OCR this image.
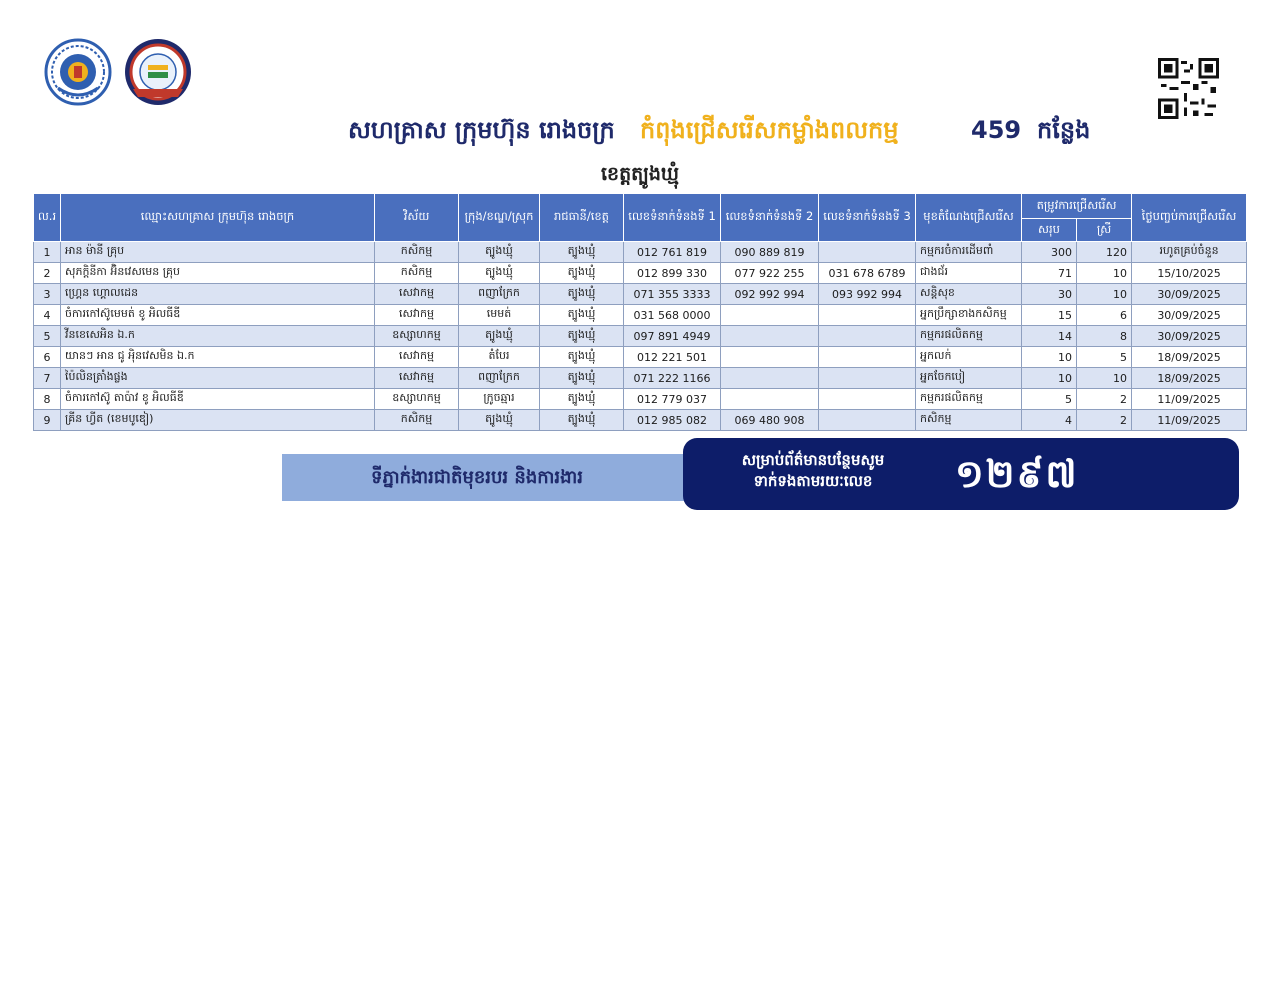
សហគ្រាស ក្រុមហ៊ុន រោងចក្រ កំពុងជ្រើសរើសកម្លាំងពលកម្ម	459 កន្លែង
ខេត្តត្បូងឃ្មុំ
ល.រ	ឈ្មោះសហគ្រាស ក្រុមហ៊ុន រោងចក្រ	វិស័យ	ក្រុង/ខណ្ឌ/ស្រុក	រាជធានី/ខេត្ត	លេខទំនាក់ទំនងទី 1	លេខទំនាក់ទំនងទី 2	លេខទំនាក់ទំនងទី 3	មុខតំណែងជ្រើសរើស	តម្រូវការជ្រើសរើស		ថ្ងៃបញ្ចប់ការជ្រើសរើស
									សរុប	ស្រី	
1	អាន ម៉ានី គ្រុប	កសិកម្ម	ត្បូងឃ្មុំ	ត្បូងឃ្មុំ	012 761 819	090 889 819		កម្មករចំការដើមពាំ	300	120	រហូតគ្រប់ចំនួន
2	សុភក្តិនីកា អ៊ិនវេសមេន គ្រុប	កសិកម្ម	ត្បូងឃ្មុំ	ត្បូងឃ្មុំ	012 899 330	077 922 255	031 678 6789	ជាងជ័រ	71	10	15/10/2025
3	ហ្គ្រេន ហ្គោលដេន	សេវាកម្ម	ពញាក្រែក	ត្បូងឃ្មុំ	071 355 3333	092 992 994	093 992 994	សន្តិសុខ	30	10	30/09/2025
4	ចំការកៅស៊ូមេមត់ ខូ អិលធីឌី	សេវាកម្ម	មេមត់	ត្បូងឃ្មុំ	031 568 0000			អ្នកប្រឹក្សាខាងកសិកម្ម	15	6	30/09/2025
5	វីនខេសេអិន ឯ.ក	ឧស្សាហកម្ម	ត្បូងឃ្មុំ	ត្បូងឃ្មុំ	097 891 4949			កម្មករផលិតកម្ម	14	8	30/09/2025
6	យានៗ អាន ជូ អុិនវេសមិន ឯ.ក	សេវាកម្ម	តំបែរ	ត្បូងឃ្មុំ	012 221 501			អ្នកលក់	10	5	18/09/2025
7	ប៉ៃលិនត្រាំងផ្លង	សេវាកម្ម	ពញាក្រែក	ត្បូងឃ្មុំ	071 222 1166			អ្នកចែកបៀ	10	10	18/09/2025
8	ចំការកៅស៊ូ តាប៉ាវ ខូ អិលធីឌី	ឧស្សាហកម្ម	ក្រូចឆ្មារ	ត្បូងឃ្មុំ	012 779 037			កម្មករផលិតកម្ម	5	2	11/09/2025
9	គ្រីន ហ្វីត (ខេមបូឌៀ)	កសិកម្ម	ត្បូងឃ្មុំ	ត្បូងឃ្មុំ	012 985 082	069 480 908		កសិកម្ម	4	2	11/09/2025
ទីភ្នាក់ងារជាតិមុខរបរ និងការងារ
សម្រាប់ព័ត៌មានបន្ថែមសូម
ទាក់ទងតាមរយៈលេខ	១២៩៧
